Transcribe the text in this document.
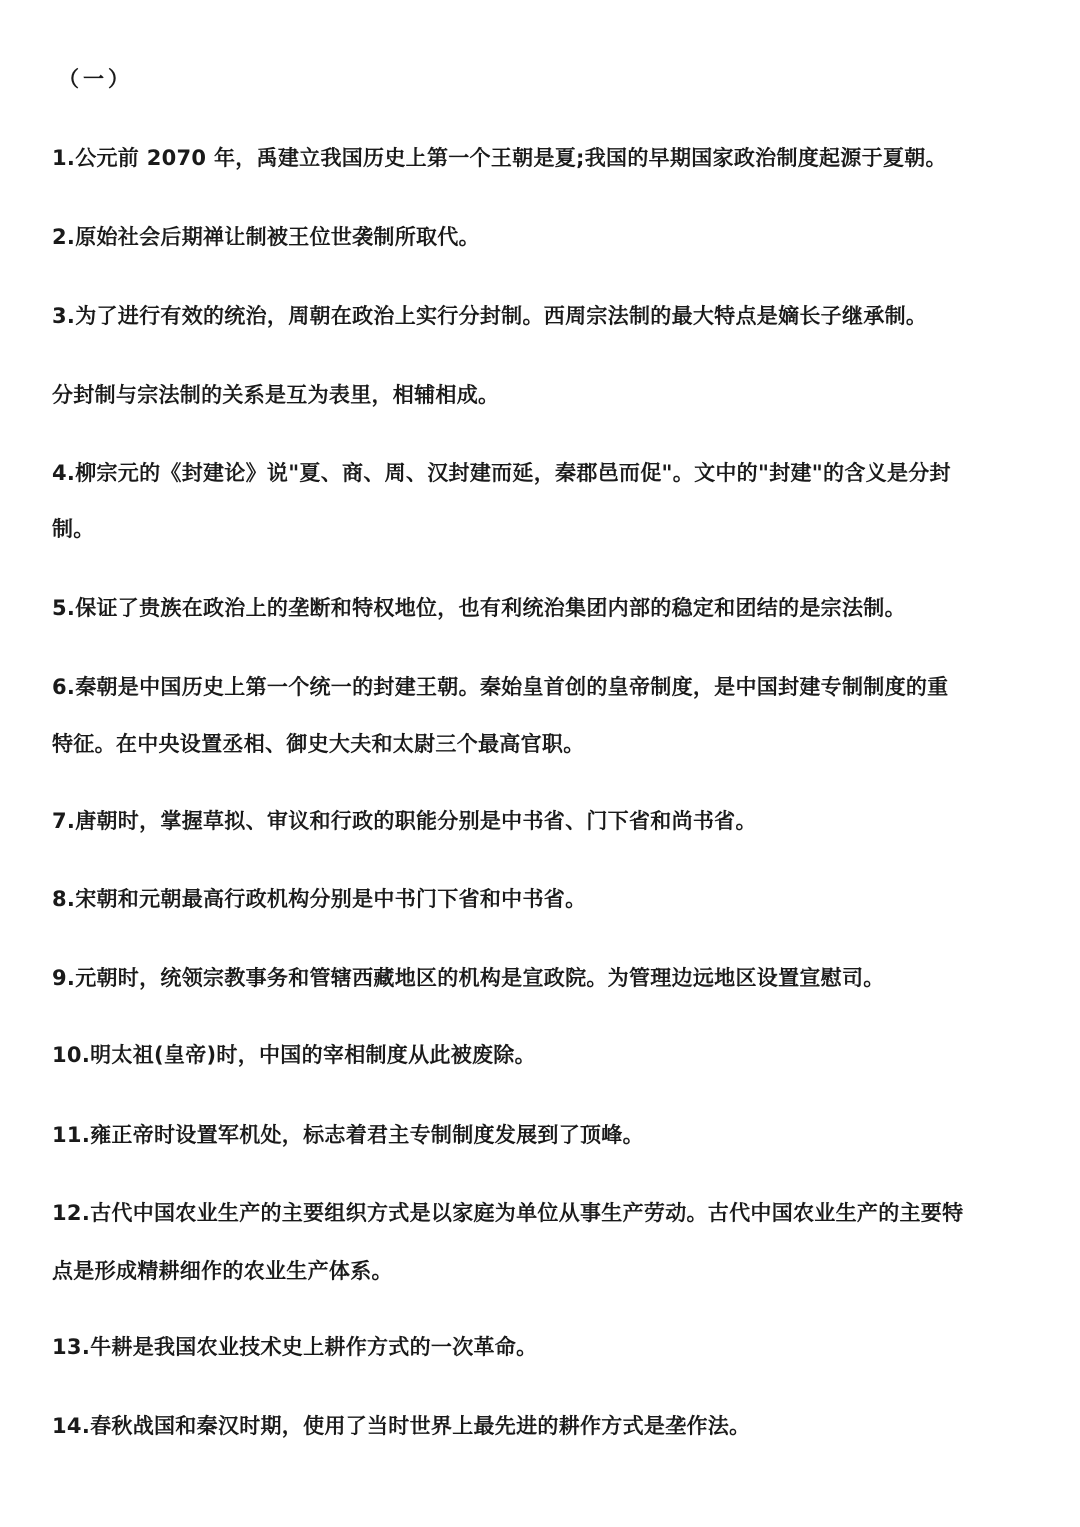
（一）
1.公元前 2070 年，禹建立我国历史上第一个王朝是夏;我国的早期国家政治制度起源于夏朝。
2.原始社会后期禅让制被王位世袭制所取代。
3.为了进行有效的统治，周朝在政治上实行分封制。西周宗法制的最大特点是嫡长子继承制。
分封制与宗法制的关系是互为表里，相辅相成。
4.柳宗元的《封建论》说"夏、商、周、汉封建而延，秦郡邑而促"。文中的"封建"的含义是分封
制。
5.保证了贵族在政治上的垄断和特权地位，也有利统治集团内部的稳定和团结的是宗法制。
6.秦朝是中国历史上第一个统一的封建王朝。秦始皇首创的皇帝制度，是中国封建专制制度的重
特征。在中央设置丞相、御史大夫和太尉三个最高官职。
7.唐朝时，掌握草拟、审议和行政的职能分别是中书省、门下省和尚书省。
8.宋朝和元朝最高行政机构分别是中书门下省和中书省。
9.元朝时，统领宗教事务和管辖西藏地区的机构是宣政院。为管理边远地区设置宣慰司。
10.明太祖(皇帝)时，中国的宰相制度从此被废除。
11.雍正帝时设置军机处，标志着君主专制制度发展到了顶峰。
12.古代中国农业生产的主要组织方式是以家庭为单位从事生产劳动。古代中国农业生产的主要特
点是形成精耕细作的农业生产体系。
13.牛耕是我国农业技术史上耕作方式的一次革命。
14.春秋战国和秦汉时期，使用了当时世界上最先进的耕作方式是垄作法。
